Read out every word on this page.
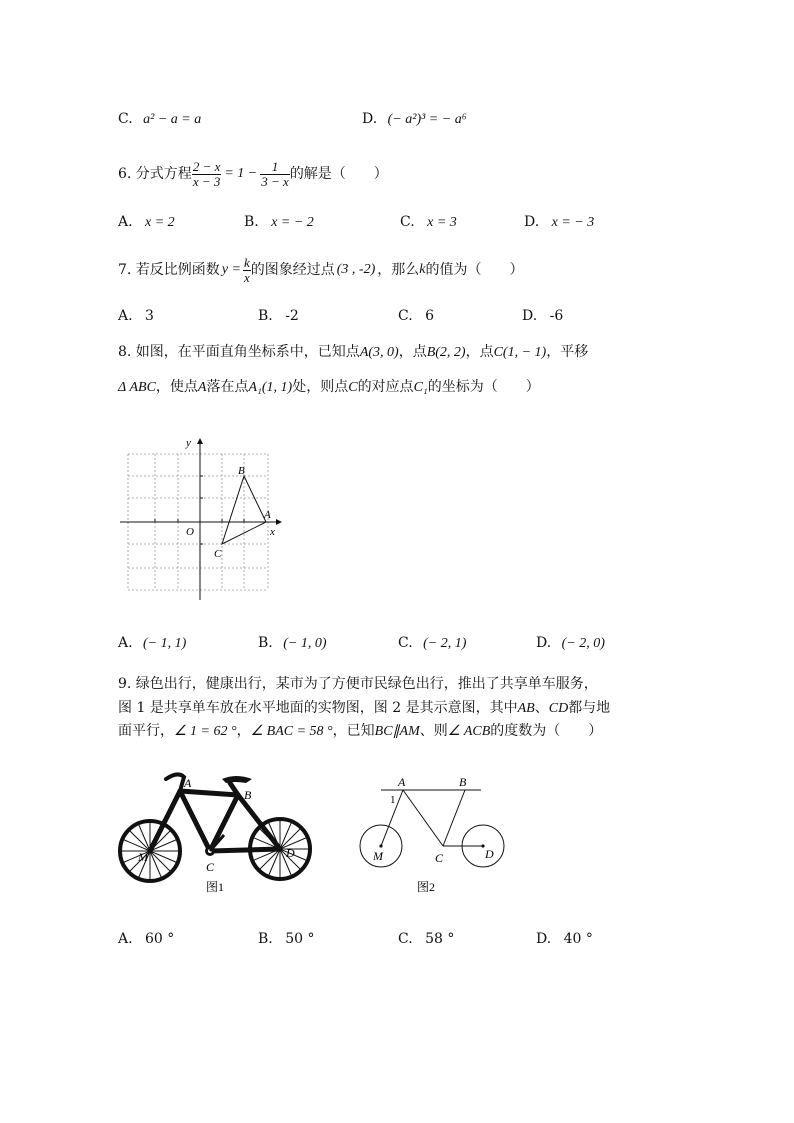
C. a² − a = a	D. (− a²)³ = − a⁶
6. 分式方程 $\frac{2 - x}{x - 3} = 1 - \frac{1}{3 - x}$ 的解是（　　）
A. x = 2	B. x = − 2	C. x = 3	D. x = − 3
7. 若反比例函数 $y = \frac{k}{x}$ 的图象经过点 (3 , -2) ，那么 k 的值为（　　）
A. 3	B. -2	C. 6	D. -6
8. 如图，在平面直角坐标系中，已知点A(3, 0)，点B(2, 2)，点C(1, − 1)，平移
Δ ABC，使点A落在点A₁(1, 1)处，则点C的对应点C₁的坐标为（　　）
y
x
O
A
B
C
A. (− 1, 1)	B. (− 1, 0)	C. (− 2, 1)	D. (− 2, 0)
9. 绿色出行，健康出行，某市为了方便市民绿色出行，推出了共享单车服务，
图 1 是共享单车放在水平地面的实物图，图 2 是其示意图，其中AB、CD都与地
面平行，∠ 1 = 62 °，∠ BAC = 58 °，已知BC∥AM、则∠ ACB的度数为（　　）
A
B
C
D
M
图1
A	B
1
M	C	D
图2
A. 60 °	B. 50 °	C. 58 °	D. 40 °
